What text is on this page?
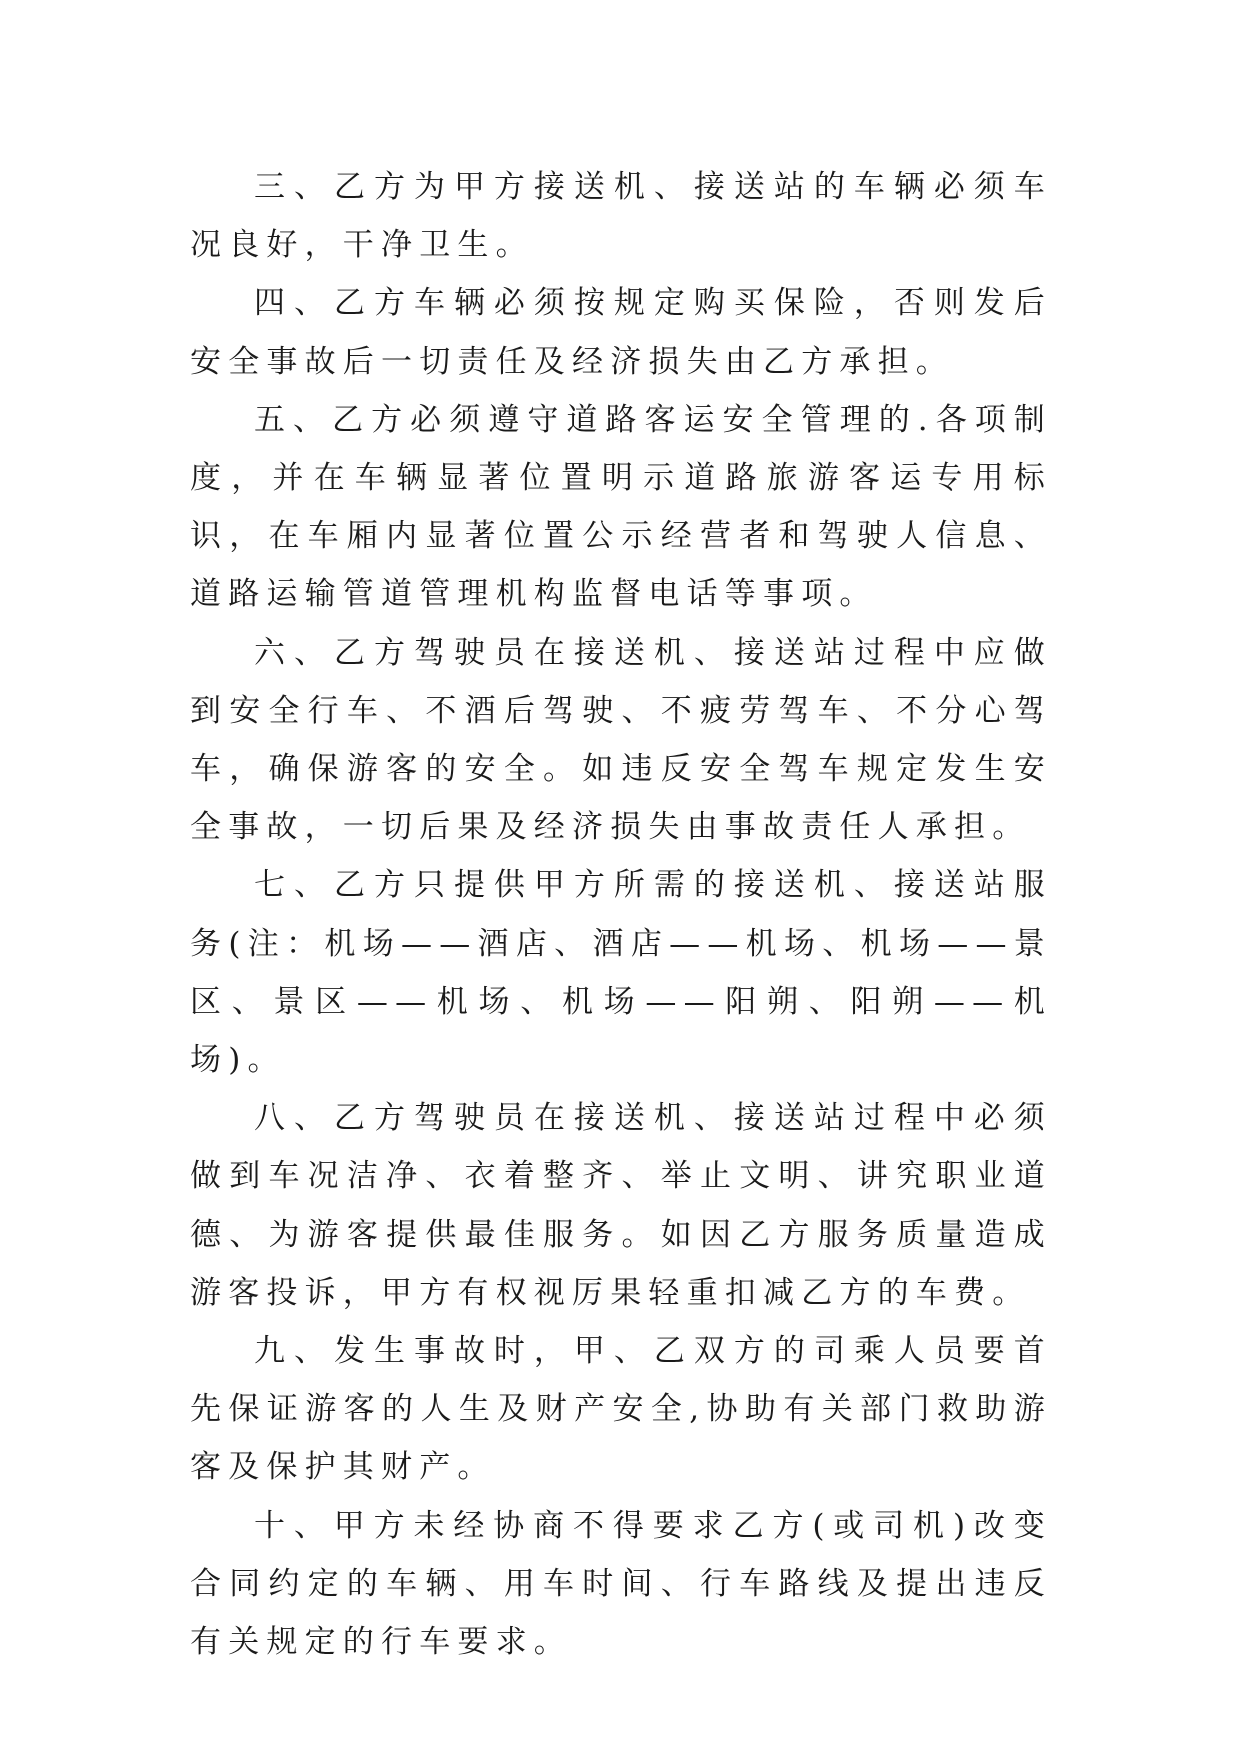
三、乙方为甲方接送机、接送站的车辆必须车况良好，干净卫生。

四、乙方车辆必须按规定购买保险，否则发后安全事故后一切责任及经济损失由乙方承担。

五、乙方必须遵守道路客运安全管理的.各项制度，并在车辆显著位置明示道路旅游客运专用标识，在车厢内显著位置公示经营者和驾驶人信息、道路运输管道管理机构监督电话等事项。

六、乙方驾驶员在接送机、接送站过程中应做到安全行车、不酒后驾驶、不疲劳驾车、不分心驾车，确保游客的安全。如违反安全驾车规定发生安全事故，一切后果及经济损失由事故责任人承担。

七、乙方只提供甲方所需的接送机、接送站服务(注：机场——酒店、酒店——机场、机场——景区、景区——机场、机场——阳朔、阳朔——机场)。

八、乙方驾驶员在接送机、接送站过程中必须做到车况洁净、衣着整齐、举止文明、讲究职业道德、为游客提供最佳服务。如因乙方服务质量造成游客投诉，甲方有权视厉果轻重扣减乙方的车费。

九、发生事故时，甲、乙双方的司乘人员要首先保证游客的人生及财产安全,协助有关部门救助游客及保护其财产。

十、甲方未经协商不得要求乙方(或司机)改变合同约定的车辆、用车时间、行车路线及提出违反有关规定的行车要求。
